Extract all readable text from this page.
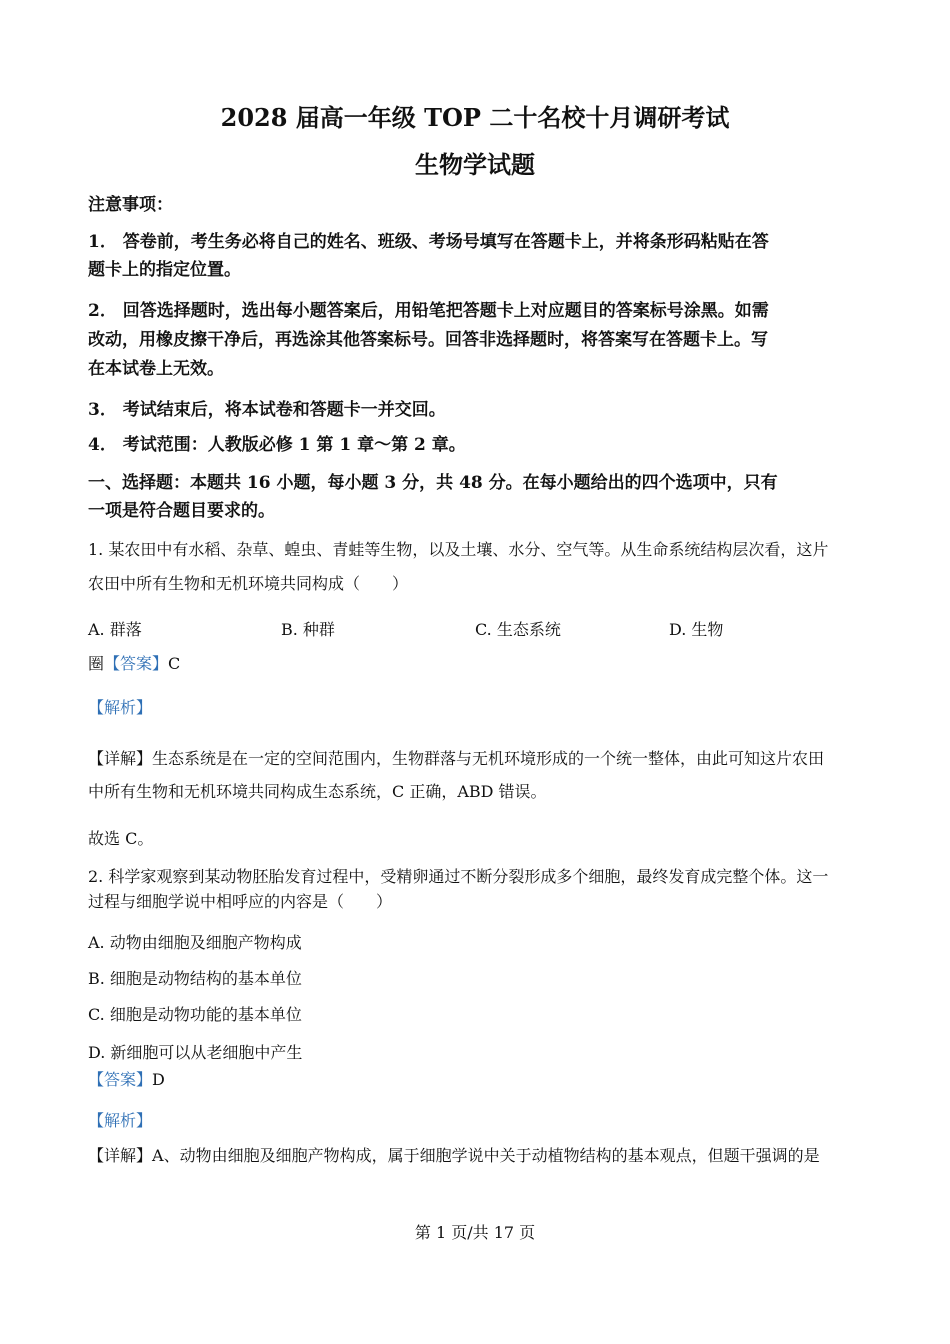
2028 届高一年级 TOP 二十名校十月调研考试
生物学试题
注意事项：
1． 答卷前，考生务必将自己的姓名、班级、考场号填写在答题卡上，并将条形码粘贴在答
题卡上的指定位置。
2． 回答选择题时，选出每小题答案后，用铅笔把答题卡上对应题目的答案标号涂黑。如需
改动，用橡皮擦干净后，再选涂其他答案标号。回答非选择题时，将答案写在答题卡上。写
在本试卷上无效。
3． 考试结束后，将本试卷和答题卡一并交回。
4． 考试范围：人教版必修 1 第 1 章～第 2 章。
一、选择题：本题共 16 小题，每小题 3 分，共 48 分。在每小题给出的四个选项中，只有
一项是符合题目要求的。
1. 某农田中有水稻、杂草、蝗虫、青蛙等生物，以及土壤、水分、空气等。从生命系统结构层次看，这片
农田中所有生物和无机环境共同构成（　　）
A. 群落	B. 种群	C. 生态系统	D. 生物
圈【答案】C
【解析】
【详解】生态系统是在一定的空间范围内，生物群落与无机环境形成的一个统一整体，由此可知这片农田
中所有生物和无机环境共同构成生态系统，C 正确，ABD 错误。
故选 C。
2. 科学家观察到某动物胚胎发育过程中，受精卵通过不断分裂形成多个细胞，最终发育成完整个体。这一
过程与细胞学说中相呼应的内容是（　　）
A. 动物由细胞及细胞产物构成
B. 细胞是动物结构的基本单位
C. 细胞是动物功能的基本单位
D. 新细胞可以从老细胞中产生
【答案】D
【解析】
【详解】A、动物由细胞及细胞产物构成，属于细胞学说中关于动植物结构的基本观点，但题干强调的是
第 1 页/共 17 页
